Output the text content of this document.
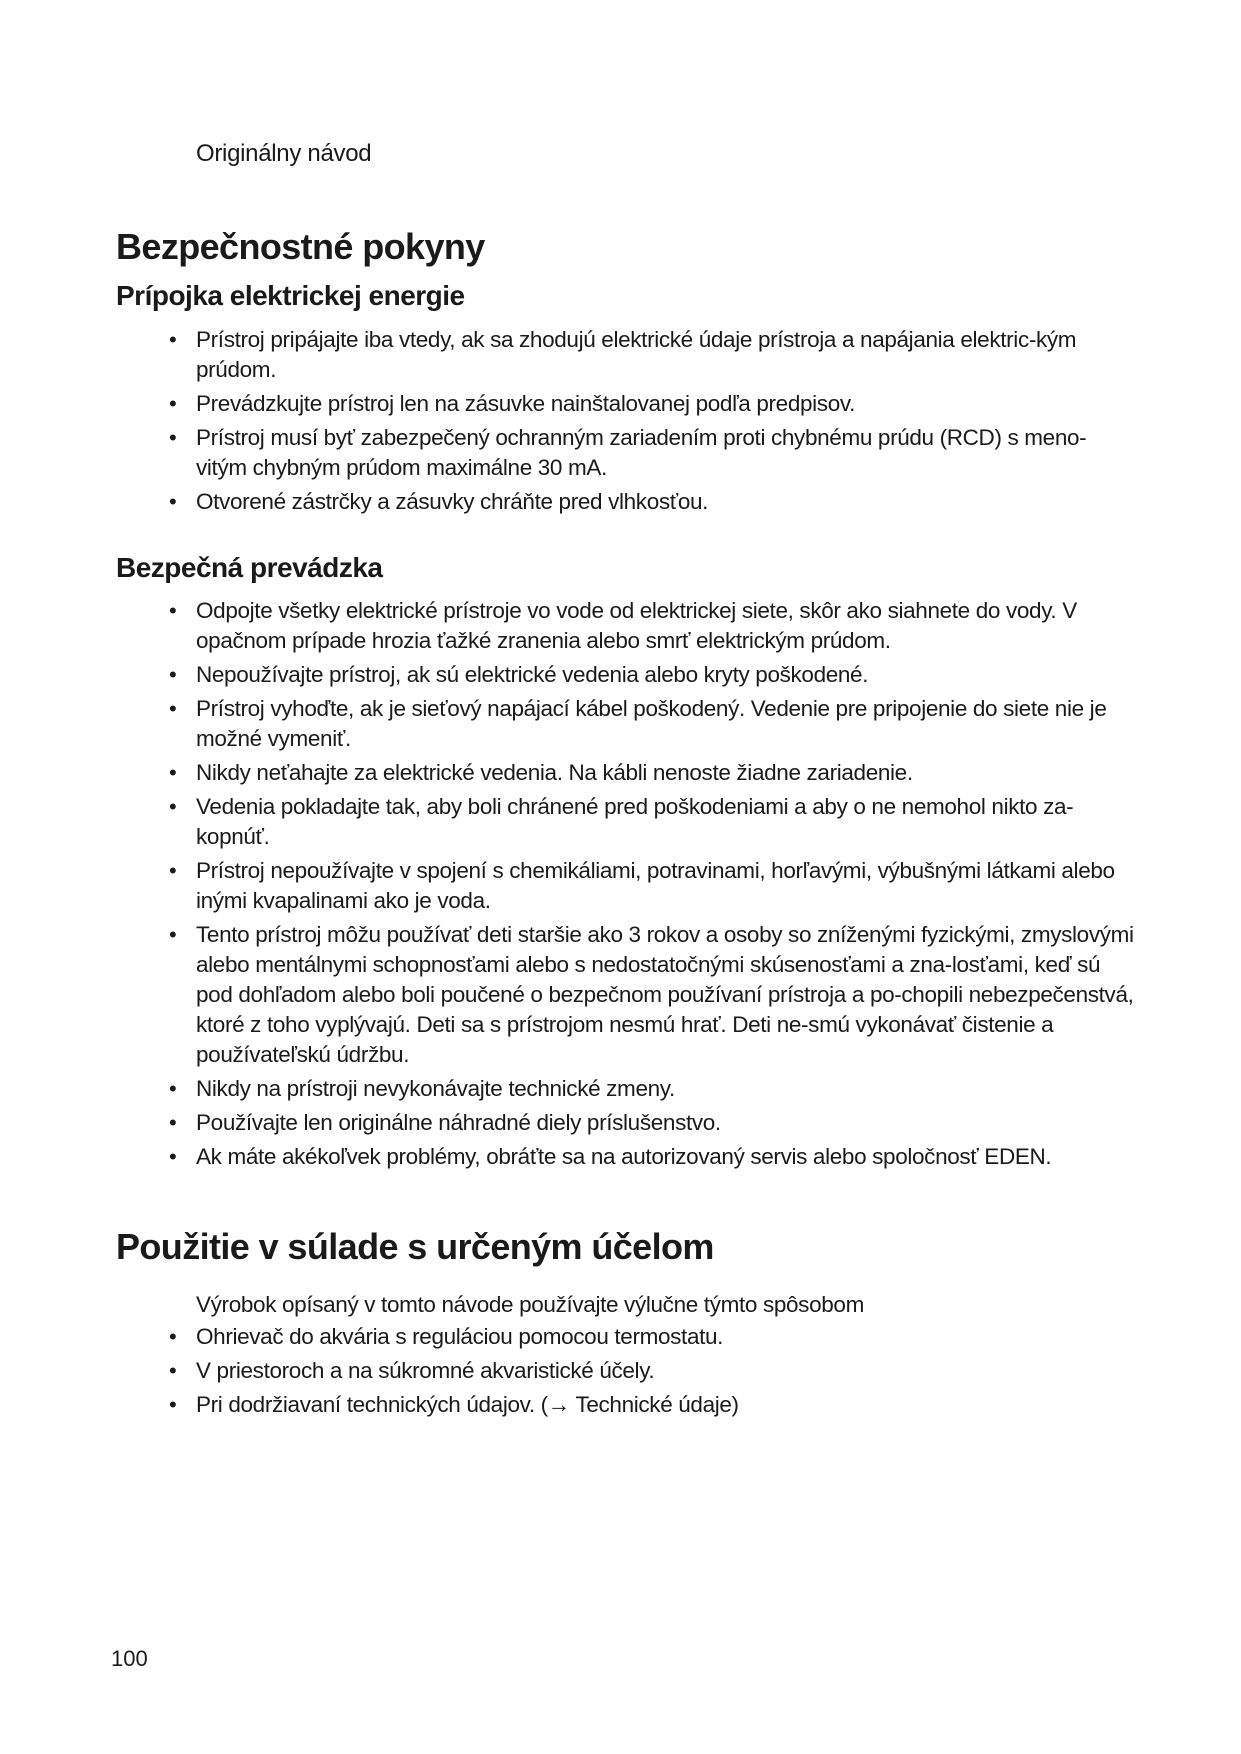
Originálny návod
Bezpečnostné pokyny
Prípojka elektrickej energie
• Prístroj pripájajte iba vtedy, ak sa zhodujú elektrické údaje prístroja a napájania elektric-kým prúdom.
• Prevádzkujte prístroj len na zásuvke nainštalovanej podľa predpisov.
• Prístroj musí byť zabezpečený ochranným zariadením proti chybnému prúdu (RCD) s meno-vitým chybným prúdom maximálne 30 mA.
• Otvorené zástrčky a zásuvky chráňte pred vlhkosťou.
Bezpečná prevádzka
• Odpojte všetky elektrické prístroje vo vode od elektrickej siete, skôr ako siahnete do vody. V opačnom prípade hrozia ťažké zranenia alebo smrť elektrickým prúdom.
• Nepoužívajte prístroj, ak sú elektrické vedenia alebo kryty poškodené.
• Prístroj vyhoďte, ak je sieťový napájací kábel poškodený. Vedenie pre pripojenie do siete nie je možné vymeniť.
• Nikdy neťahajte za elektrické vedenia. Na kábli nenoste žiadne zariadenie.
• Vedenia pokladajte tak, aby boli chránené pred poškodeniami a aby o ne nemohol nikto za-kopnúť.
• Prístroj nepoužívajte v spojení s chemikáliami, potravinami, horľavými, výbušnými látkami alebo inými kvapalinami ako je voda.
• Tento prístroj môžu používať deti staršie ako 3 rokov a osoby so zníženými fyzickými, zmyslovými alebo mentálnymi schopnosťami alebo s nedostatočnými skúsenosťami a zna-losťami, keď sú pod dohľadom alebo boli poučené o bezpečnom používaní prístroja a po-chopili nebezpečenstvá, ktoré z toho vyplývajú. Deti sa s prístrojom nesmú hrať. Deti ne-smú vykonávať čistenie a používateľskú údržbu.
• Nikdy na prístroji nevykonávajte technické zmeny.
• Používajte len originálne náhradné diely príslušenstvo.
• Ak máte akékoľvek problémy, obráťte sa na autorizovaný servis alebo spoločnosť EDEN.
Použitie v súlade s určeným účelom
Výrobok opísaný v tomto návode používajte výlučne týmto spôsobom
• Ohrievač do akvária s reguláciou pomocou termostatu.
• V priestoroch a na súkromné akvaristické účely.
• Pri dodržiavaní technických údajov. (→ Technické údaje)
100
